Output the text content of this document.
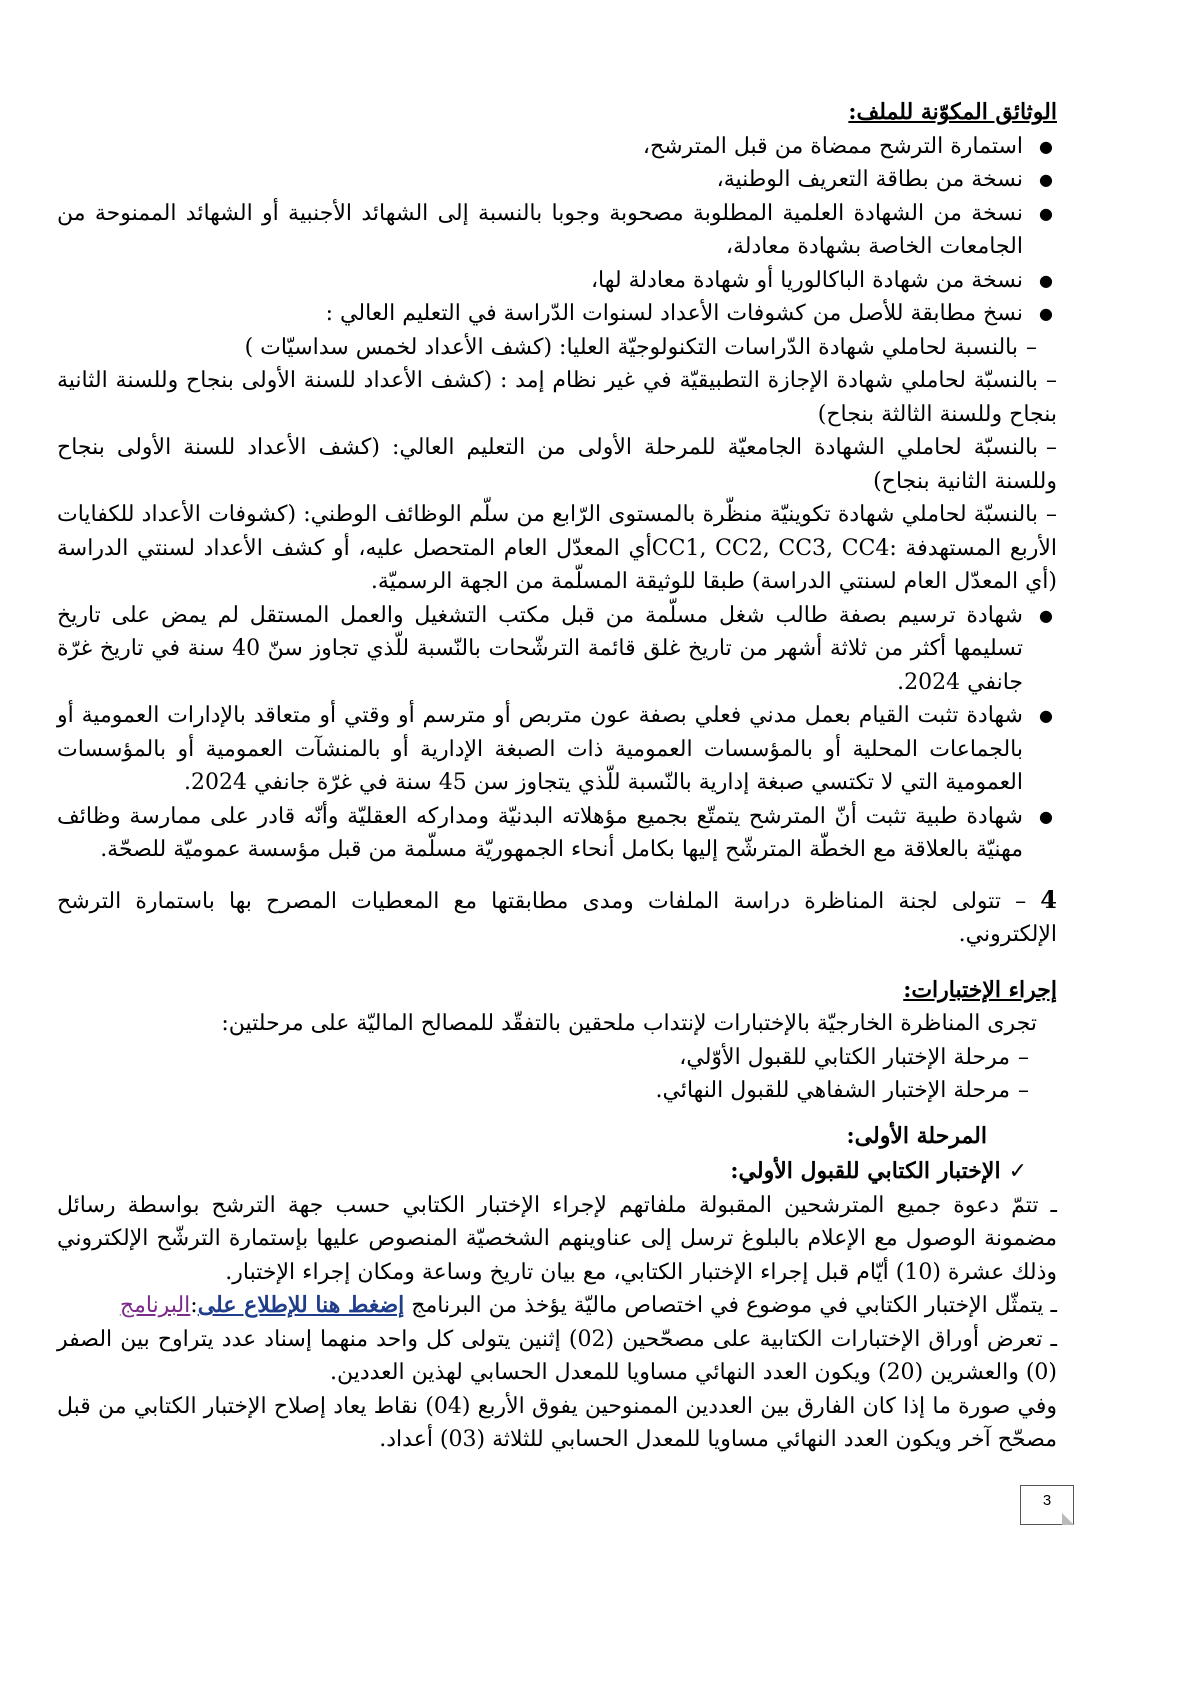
الوثائق المكوّنة للملف:
● استمارة الترشح ممضاة من قبل المترشح،
● نسخة من بطاقة التعريف الوطنية،
● نسخة من الشهادة العلمية المطلوبة مصحوبة وجوبا بالنسبة إلى الشهائد الأجنبية أو الشهائد الممنوحة من الجامعات الخاصة بشهادة معادلة،
● نسخة من شهادة الباكالوريا أو شهادة معادلة لها،
● نسخ مطابقة للأصل من كشوفات الأعداد لسنوات الدّراسة في التعليم العالي :
–بالنسبة لحاملي شهادة الدّراسات التكنولوجيّة العليا: (كشف الأعداد لخمس سداسيّات )
–بالنسبّة لحاملي شهادة الإجازة التطبيقيّة في غير نظام إمد : (كشف الأعداد للسنة الأولى بنجاح وللسنة الثانية بنجاح وللسنة الثالثة بنجاح)
–بالنسبّة لحاملي الشهادة الجامعيّة للمرحلة الأولى من التعليم العالي: (كشف الأعداد للسنة الأولى بنجاح وللسنة الثانية بنجاح)
–بالنسبّة لحاملي شهادة تكوينيّة منظّرة بالمستوى الرّابع من سلّم الوظائف الوطني: (كشوفات الأعداد للكفايات الأربع المستهدفة :CC1, CC2, CC3, CC4أي المعدّل العام المتحصل عليه، أو كشف الأعداد لسنتي الدراسة (أي المعدّل العام لسنتي الدراسة) طبقا للوثيقة المسلّمة من الجهة الرسميّة.
● شهادة ترسيم بصفة طالب شغل مسلّمة من قبل مكتب التشغيل والعمل المستقل لم يمض على تاريخ تسليمها أكثر من ثلاثة أشهر من تاريخ غلق قائمة الترشّحات بالنّسبة للّذي تجاوز سنّ 40 سنة في تاريخ غرّة جانفي 2024.
● شهادة تثبت القيام بعمل مدني فعلي بصفة عون متربص أو مترسم أو وقتي أو متعاقد بالإدارات العمومية أو بالجماعات المحلية أو بالمؤسسات العمومية ذات الصبغة الإدارية أو بالمنشآت العمومية أو بالمؤسسات العمومية التي لا تكتسي صبغة إدارية بالنّسبة للّذي يتجاوز سن 45 سنة في غرّة جانفي 2024.
● شهادة طبية تثبت أنّ المترشح يتمتّع بجميع مؤهلاته البدنيّة ومداركه العقليّة وأنّه قادر على ممارسة وظائف مهنيّة بالعلاقة مع الخطّة المترشّح إليها بكامل أنحاء الجمهوريّة مسلّمة من قبل مؤسسة عموميّة للصحّة.
4 – تتولى لجنة المناظرة دراسة الملفات ومدى مطابقتها مع المعطيات المصرح بها باستمارة الترشح الإلكتروني.
إجراء الإختبارات:
تجرى المناظرة الخارجيّة بالإختبارات لإنتداب ملحقين بالتفقّد للمصالح الماليّة على مرحلتين:
–مرحلة الإختبار الكتابي للقبول الأوّلي،
–مرحلة الإختبار الشفاهي للقبول النهائي.
المرحلة الأولى:
✓الإختبار الكتابي للقبول الأولي:
ـ تتمّ دعوة جميع المترشحين المقبولة ملفاتهم لإجراء الإختبار الكتابي حسب جهة الترشح بواسطة رسائل مضمونة الوصول مع الإعلام بالبلوغ ترسل إلى عناوينهم الشخصيّة المنصوص عليها بإستمارة الترشّح الإلكتروني وذلك عشرة (10) أيّام قبل إجراء الإختبار الكتابي، مع بيان تاريخ وساعة ومكان إجراء الإختبار.
ـ يتمثّل الإختبار الكتابي في موضوع في اختصاص ماليّة يؤخذ من البرنامج إضغط هنا للإطلاع على:البرنامج
ـ تعرض أوراق الإختبارات الكتابية على مصحّحين (02) إثنين يتولى كل واحد منهما إسناد عدد يتراوح بين الصفر (0) والعشرين (20) ويكون العدد النهائي مساويا للمعدل الحسابي لهذين العددين.
وفي صورة ما إذا كان الفارق بين العددين الممنوحين يفوق الأربع (04) نقاط يعاد إصلاح الإختبار الكتابي من قبل مصحّح آخر ويكون العدد النهائي مساويا للمعدل الحسابي للثلاثة (03) أعداد.
3
